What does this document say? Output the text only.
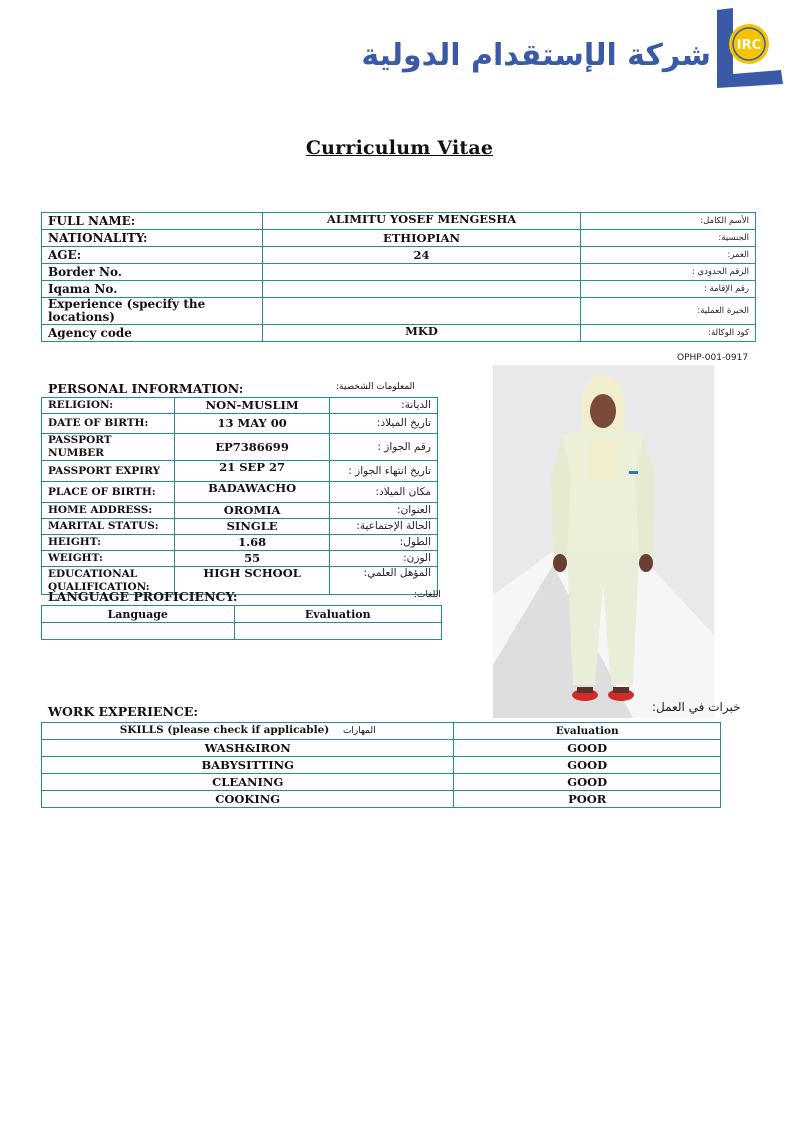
شركة الإستقدام الدولية IRC
Curriculum Vitae
FULL NAME:	ALIMITU YOSEF MENGESHA	الأسم الكامل:
NATIONALITY:	ETHIOPIAN	الجنسية:
AGE:	24	العمر:
Border No.		الرقم الحدودي :
Iqama No.		رقم الإقامة :
Experience (specify the locations)		الخبرة العملية:
Agency code	MKD	كود الوكالة:
OPHP-001-0917
PERSONAL INFORMATION:	المعلومات الشخصية:
RELIGION:	NON-MUSLIM	الديانة:
DATE OF BIRTH:	13 MAY 00	تاريخ الميلاد:
PASSPORT NUMBER	EP7386699	رقم الجواز :
PASSPORT EXPIRY	21 SEP 27	تاريخ انتهاء الجواز :
PLACE OF BIRTH:	BADAWACHO	مكان الميلاد:
HOME ADDRESS:	OROMIA	العنوان:
MARITAL STATUS:	SINGLE	الحالة الإجتماعية:
HEIGHT:	1.68	الطول:
WEIGHT:	55	الوزن:
EDUCATIONAL QUALIFICATION:	HIGH SCHOOL	المؤهل العلمي:
LANGUAGE PROFICIENCY:	اللغات:
Language	Evaluation

خبرات في العمل:
WORK EXPERIENCE:
SKILLS (please check if applicable) المهارات	Evaluation
WASH&IRON	GOOD
BABYSITTING	GOOD
CLEANING	GOOD
COOKING	POOR
